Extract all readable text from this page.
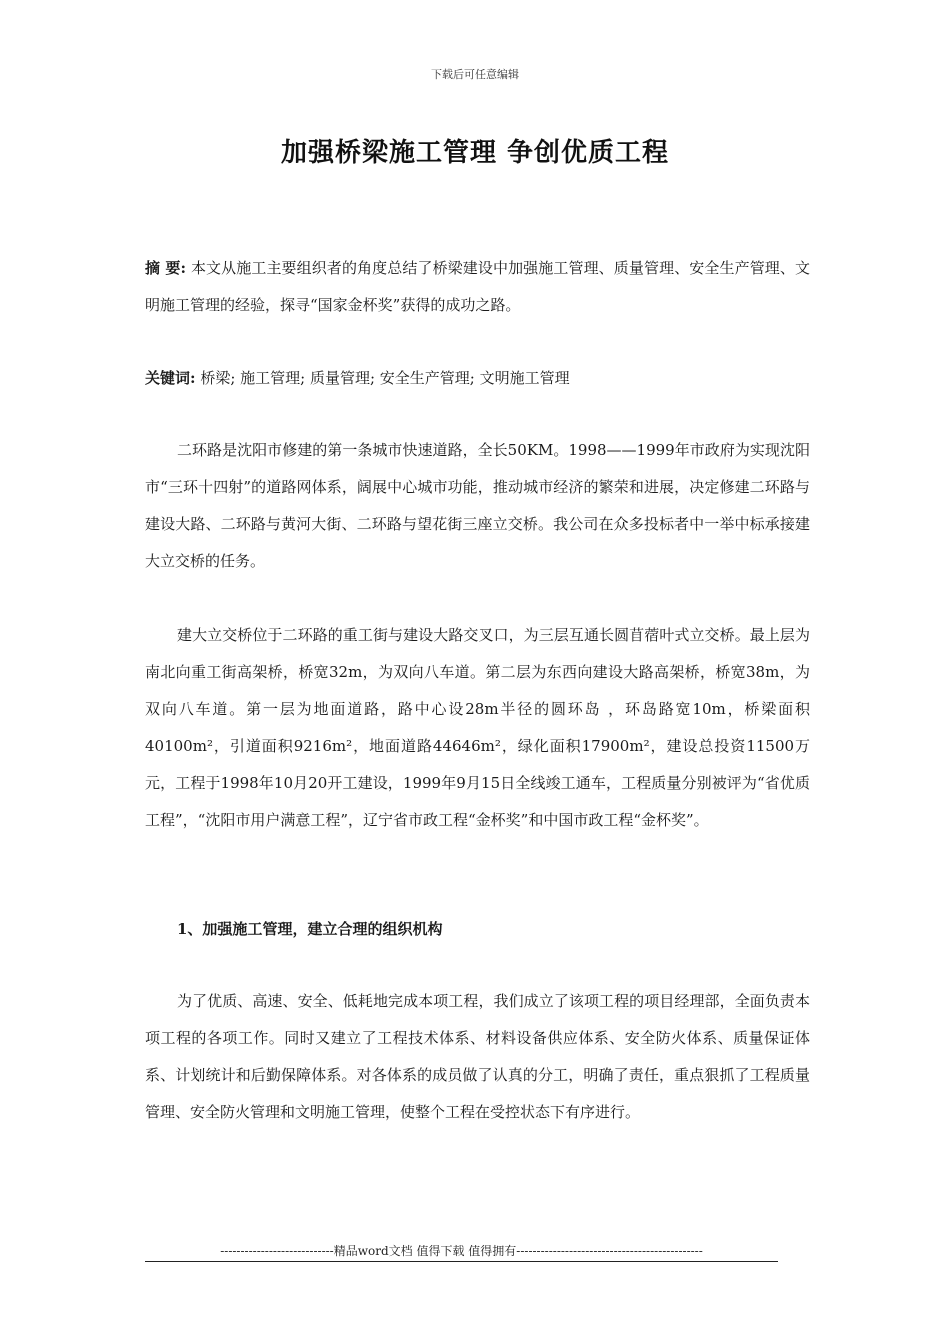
下载后可任意编辑
加强桥梁施工管理 争创优质工程
摘 要: 本文从施工主要组织者的角度总结了桥梁建设中加强施工管理、质量管理、安全生产管理、文明施工管理的经验，探寻“国家金杯奖”获得的成功之路。
关键词: 桥梁; 施工管理; 质量管理; 安全生产管理; 文明施工管理
二环路是沈阳市修建的第一条城市快速道路，全长50KM。1998——1999年市政府为实现沈阳市“三环十四射”的道路网体系，阔展中心城市功能，推动城市经济的繁荣和进展，决定修建二环路与建设大路、二环路与黄河大街、二环路与望花街三座立交桥。我公司在众多投标者中一举中标承接建大立交桥的任务。
建大立交桥位于二环路的重工街与建设大路交叉口，为三层互通长圆苜蓿叶式立交桥。最上层为南北向重工街高架桥，桥宽32m，为双向八车道。第二层为东西向建设大路高架桥，桥宽38m，为双向八车道。第一层为地面道路，路中心设28m半径的圆环岛 ，环岛路宽10m，桥梁面积40100m²，引道面积9216m²，地面道路44646m²，绿化面积17900m²，建设总投资11500万元，工程于1998年10月20开工建设，1999年9月15日全线竣工通车，工程质量分别被评为“省优质工程”，“沈阳市用户满意工程”，辽宁省市政工程“金杯奖”和中国市政工程“金杯奖”。
1、加强施工管理，建立合理的组织机构
为了优质、高速、安全、低耗地完成本项工程，我们成立了该项工程的项目经理部，全面负责本项工程的各项工作。同时又建立了工程技术体系、材料设备供应体系、安全防火体系、质量保证体系、计划统计和后勤保障体系。对各体系的成员做了认真的分工，明确了责任，重点狠抓了工程质量管理、安全防火管理和文明施工管理，使整个工程在受控状态下有序进行。
----------------------------精品word文档 值得下载 值得拥有----------------------------------------------
